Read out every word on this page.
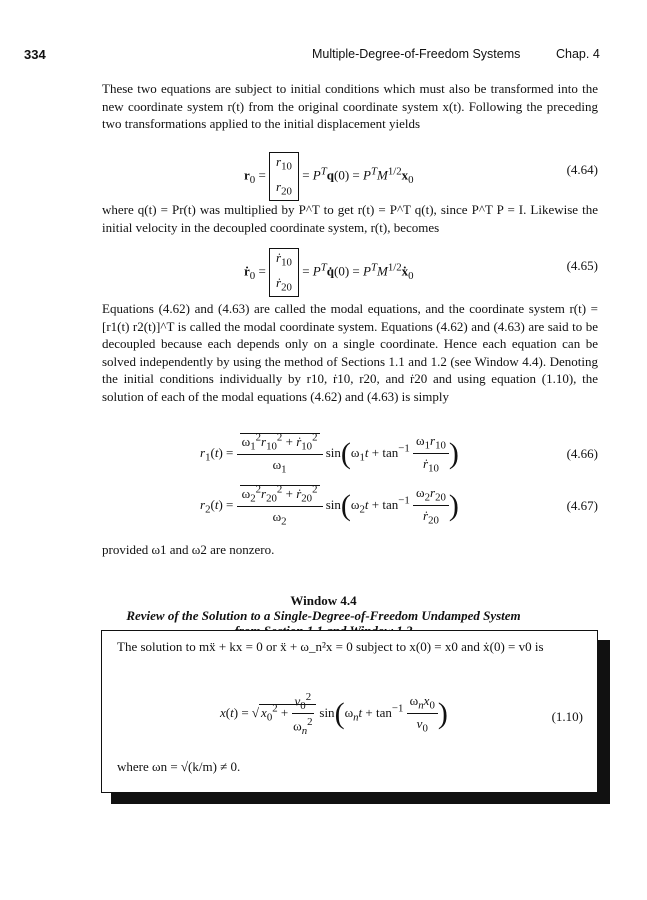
334	Multiple-Degree-of-Freedom Systems	Chap. 4

These two equations are subject to initial conditions which must also be transformed into the new coordinate system r(t) from the original coordinate system x(t). Following the preceding two transformations applied to the initial displacement yields

$r_0 = r_{10}$
$r_{20} = P^Tq(0) = P^TM^{1/2}x_0$
(4.64)

where q(t) = Pr(t) was multiplied by P^T to get r(t) = P^T q(t), since P^T P = I. Likewise the initial velocity in the decoupled coordinate system, r(t), becomes

ṙ$_0$ = ṙ$_{10}$
ṙ$_{20}$ = $P^Tq̇(0)$ = $P^TM^{1/2}ẋ_0$
(4.65)

Equations (4.62) and (4.63) are called the modal equations, and the coordinate system r(t) = [r1(t) r2(t)]^T is called the modal coordinate system. Equations (4.62) and (4.63) are said to be decoupled because each depends only on a single coordinate. Hence each equation can be solved independently by using the method of Sections 1.1 and 1.2 (see Window 4.4). Denoting the initial conditions individually by r10, ṙ10, r20, and ṙ20 and using equation (1.10), the solution of each of the modal equations (4.62) and (4.63) is simply

$r_1(t) = \frac{\omega_1^2r_{10}^2 + ṙ_{10}^2}{\omega_1} \sin(\omega_1t + \tan^{-1} \frac{\omega_1r_{10}}{ṙ_{10}}$ )	(4.66)
$r_2(t) = \frac{\omega_2^2r_{20}^2 + ṙ_{20}^2}{\omega_2} \sin(\omega_2t + \tan^{-1} \frac{\omega_2r_{20}}{ṙ_{20}}$ )	(4.67)

provided ω1 and ω2 are nonzero.

Window 4.4
Review of the Solution to a Single-Degree-of-Freedom Undamped System

The solution to mẍ + kx = 0 or ẍ + ω_n²x = 0 subject to x(0) = x0 and ẋ(0) = v0 is

x(t) = √ $x_0^2 + \frac{v_0^2}{\omega_n^2} \sin(\omega_nt + \tan^{-1} \frac{\omega_nx_0}{v_0}$ )	(1.10)

where ωn = √(k/m) ≠ 0.
